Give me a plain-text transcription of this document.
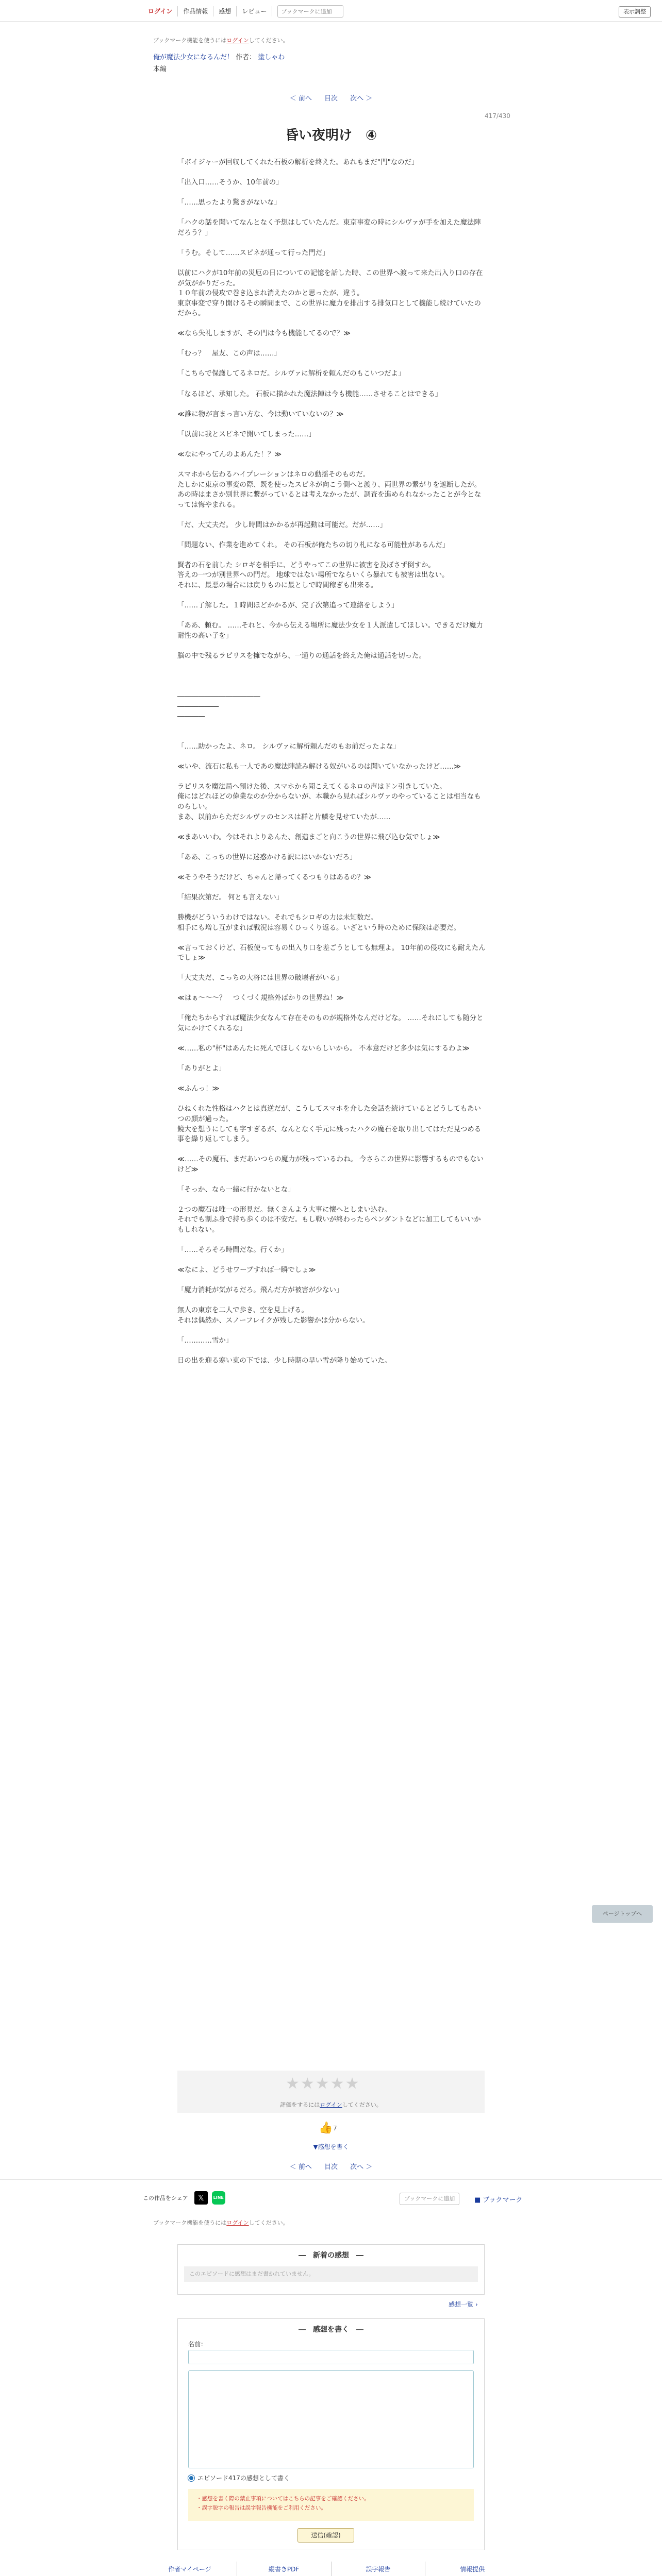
ログイン	作品情報	感想	レビュー
ブックマークに追加	表示調整
ブックマーク機能を使うにはログインしてください。
俺が魔法少女になるんだ！ 作者： 塗しゃわ
本編
＜ 前へ 目次 次へ ＞
417/430
昏い夜明け　④

「ボイジャーが回収してくれた石板の解析を終えた。あれもまだ"門"なのだ」

「出入口……そうか、10年前の」

「……思ったより驚きがないな」

「ハクの話を聞いてなんとなく予想はしていたんだ。東京事変の時にシルヴァが手を加えた魔法陣だろう？」

「うむ。そして……スピネが通って行った門だ」

以前にハクが10年前の災厄の日についての記憶を話した時、この世界へ渡って来た出入り口の存在が気がかりだった。

１０年前の侵攻で巻き込まれ消えたのかと思ったが、違う。

東京事変で穿り開けるその瞬間まで、この世界に魔力を排出する排気口として機能し続けていたのだから。

≪なら失礼しますが、その門は今も機能してるので？≫

「むっ？　屋友、この声は……」

「こちらで保護してるネロだ。シルヴァに解析を頼んだのもこいつだよ」

「なるほど、承知した。 石板に描かれた魔法陣は今も機能……させることはできる」

≪誰に物が言まっ言い方な、今は動いていないの？≫

「以前に我とスピネで開いてしまった……」

≪なにやってんのよあんた！？≫

スマホから伝わるハイプレーションはネロの動揺そのものだ。

たしかに東京の事変の際、既を使ったスピネが向こう側へと渡り、両世界の繋がりを遮断したが。

あの時はまさか別世界に繋がっているとは考えなかったが、調査を進められなかったことが今となっては悔やまれる。

「だ、大丈夫だ。 少し時間はかかるが再起動は可能だ。だが……」

「問題ない、作業を進めてくれ。 その石板が俺たちの切り札になる可能性があるんだ」

賢者の石を前した シロギを相手に、どうやってこの世界に被害を及ぼさず倒すか。

答えの一つが別世界への門だ。 地球ではない場所でならいくら暴れても被害は出ない。

それに、最悪の場合には戻りものに最としで時間稼ぎも出来る。

「……了解した。１時間ほどかかるが、完了次第追って連絡をしよう」

「ああ、頼む。 ……それと、今から伝える場所に魔法少女を１人派遣してほしい。できるだけ魔力耐性の高い子を」

脳の中で残るラピリスを擁でながら、一通りの通話を終えた俺は通話を切った。

――――――――――――

――――――

――――

「……助かったよ、ネロ。 シルヴァに解析頼んだのもお前だったよな」

≪いや、流石に私も一人であの魔法陣読み解ける奴がいるのは聞いていなかったけど……≫

ラピリスを魔法局へ預けた後、スマホから聞こえてくるネロの声はドン引きしていた。

俺にはどれほどの偉業なのか分からないが、本職から見ればシルヴァのやっていることは相当なものらしい。

まあ、以前からただシルヴァのセンスは群と片鱗を見せていたが……

≪まあいいわ。今はそれよりあんた、創造まごと向こうの世界に飛び込む気でしょ≫

「ああ、こっちの世界に迷惑かける訳にはいかないだろ」

≪そうやそうだけど、ちゃんと帰ってくるつもりはあるの？≫

「結果次第だ。 何とも言えない」

勝機がどういうわけではない。それでもシロギの力は未知数だ。

相手にも増し互がまれば戦況は容易くひっくり返る。いざという時のために保険は必要だ。

≪言っておくけど、石板使ってもの出入り口を差ごうとしても無理よ。 10年前の侵攻にも耐えたんでしょ≫

「大丈夫だ、こっちの大将には世界の破壊者がいる」

≪はぁ～～～？　つくづく規格外ばかりの世界ね！≫

「俺たちからすれば魔法少女なんて存在そのものが規格外なんだけどな。 ……それにしても随分と気にかけてくれるな」

≪……私の"杯"はあんたに死んでほしくないらしいから。 不本意だけど多少は気にするわよ≫

「ありがとよ」

≪ふんっ！≫

ひねくれた性格はハクとは真逆だが、こうしてスマホを介した会話を続けているとどうしてもあいつの顔が過った。

鏡大を想うにしても字すぎるが、なんとなく手元に残ったハクの魔石を取り出してはただ見つめる事を繰り返してしまう。

≪……その魔石、まだあいつらの魔力が残っているわね。 今さらこの世界に影響するものでもないけど≫

「そっか、なら一緒に行かないとな」

２つの魔石は唯一の形見だ。無くさんよう大事に懐へとしまい込む。

それでも割ふ身で持ち歩くのは不安だ。もし戦いが終わったらペンダントなどに加工してもいいかもしれない。

「……そろそろ時間だな。行くか」

≪なによ、どうせワープすれば一瞬でしょ≫

「魔力消耗が気がるだろ。飛んだ方が被害が少ない」

無人の東京を二人で歩き、空を見上げる。

それは偶然か、スノーフレイクが残した影響かは分からない。

「…………雪か」

日の出を迎る寒い東の下では、少し時期の早い雪が降り始めていた。

ページトップへ
★★★★★
評価をするにはログインしてください。
👍 7
▼感想を書く
＜ 前へ 目次 次へ ＞
この作品をシェア	𝕏	LINE	ブックマークに追加	■ ブックマーク
ブックマーク機能を使うにはログインしてください。
―　新着の感想　―
このエピソードに感想はまだ書かれていません。
感想一覧 ›
―　感想を書く　―
名前：
エピソード417の感想として書く
・感想を書く際の禁止事項についてはこちらの記事をご確認ください。
・誤字脱字の報告は誤字報告機能をご利用ください。
送信(確認)
作者マイページ	縦書きPDF	誤字報告	情報提供
